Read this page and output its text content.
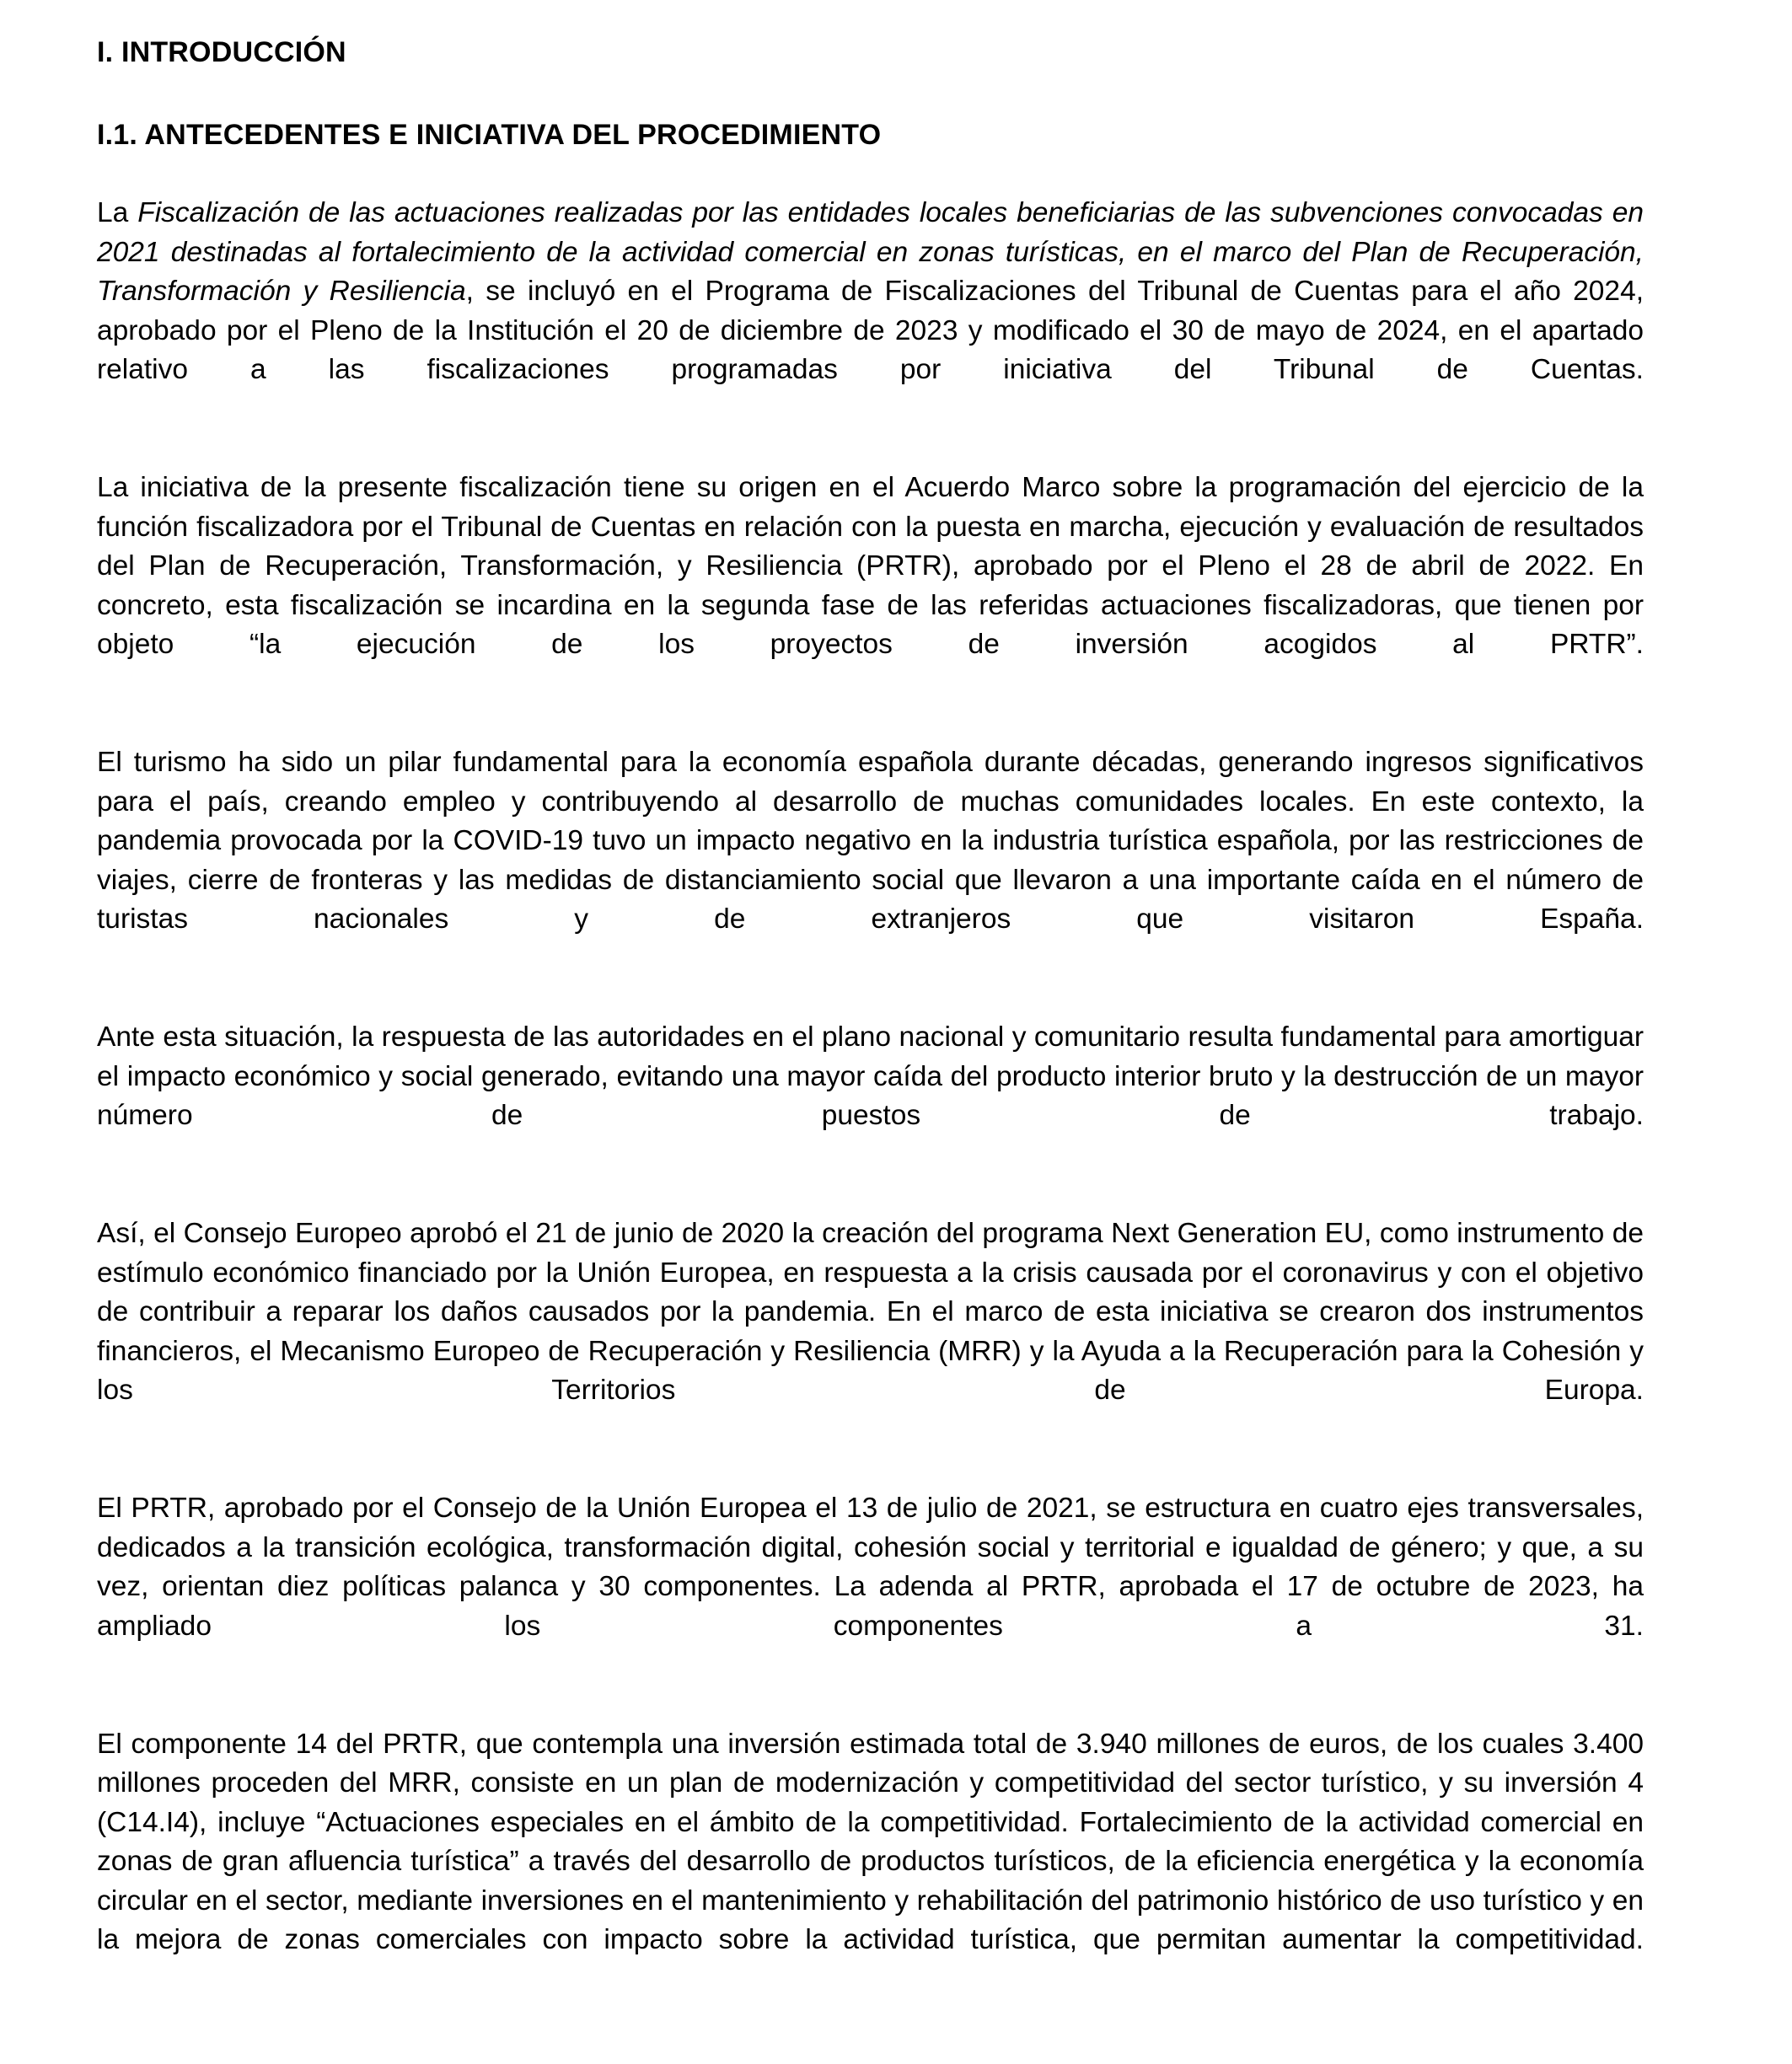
I. INTRODUCCIÓN
I.1. ANTECEDENTES E INICIATIVA DEL PROCEDIMIENTO

La Fiscalización de las actuaciones realizadas por las entidades locales beneficiarias de las subvenciones convocadas en 2021 destinadas al fortalecimiento de la actividad comercial en zonas turísticas, en el marco del Plan de Recuperación, Transformación y Resiliencia, se incluyó en el Programa de Fiscalizaciones del Tribunal de Cuentas para el año 2024, aprobado por el Pleno de la Institución el 20 de diciembre de 2023 y modificado el 30 de mayo de 2024, en el apartado relativo a las fiscalizaciones programadas por iniciativa del Tribunal de Cuentas.

La iniciativa de la presente fiscalización tiene su origen en el Acuerdo Marco sobre la programación del ejercicio de la función fiscalizadora por el Tribunal de Cuentas en relación con la puesta en marcha, ejecución y evaluación de resultados del Plan de Recuperación, Transformación, y Resiliencia (PRTR), aprobado por el Pleno el 28 de abril de 2022. En concreto, esta fiscalización se incardina en la segunda fase de las referidas actuaciones fiscalizadoras, que tienen por objeto “la ejecución de los proyectos de inversión acogidos al PRTR”.

El turismo ha sido un pilar fundamental para la economía española durante décadas, generando ingresos significativos para el país, creando empleo y contribuyendo al desarrollo de muchas comunidades locales. En este contexto, la pandemia provocada por la COVID-19 tuvo un impacto negativo en la industria turística española, por las restricciones de viajes, cierre de fronteras y las medidas de distanciamiento social que llevaron a una importante caída en el número de turistas nacionales y de extranjeros que visitaron España.

Ante esta situación, la respuesta de las autoridades en el plano nacional y comunitario resulta fundamental para amortiguar el impacto económico y social generado, evitando una mayor caída del producto interior bruto y la destrucción de un mayor número de puestos de trabajo.

Así, el Consejo Europeo aprobó el 21 de junio de 2020 la creación del programa Next Generation EU, como instrumento de estímulo económico financiado por la Unión Europea, en respuesta a la crisis causada por el coronavirus y con el objetivo de contribuir a reparar los daños causados por la pandemia. En el marco de esta iniciativa se crearon dos instrumentos financieros, el Mecanismo Europeo de Recuperación y Resiliencia (MRR) y la Ayuda a la Recuperación para la Cohesión y los Territorios de Europa.

El PRTR, aprobado por el Consejo de la Unión Europea el 13 de julio de 2021, se estructura en cuatro ejes transversales, dedicados a la transición ecológica, transformación digital, cohesión social y territorial e igualdad de género; y que, a su vez, orientan diez políticas palanca y 30 componentes. La adenda al PRTR, aprobada el 17 de octubre de 2023, ha ampliado los componentes a 31.

El componente 14 del PRTR, que contempla una inversión estimada total de 3.940 millones de euros, de los cuales 3.400 millones proceden del MRR, consiste en un plan de modernización y competitividad del sector turístico, y su inversión 4 (C14.I4), incluye “Actuaciones especiales en el ámbito de la competitividad. Fortalecimiento de la actividad comercial en zonas de gran afluencia turística” a través del desarrollo de productos turísticos, de la eficiencia energética y la economía circular en el sector, mediante inversiones en el mantenimiento y rehabilitación del patrimonio histórico de uso turístico y en la mejora de zonas comerciales con impacto sobre la actividad turística, que permitan aumentar la competitividad.
